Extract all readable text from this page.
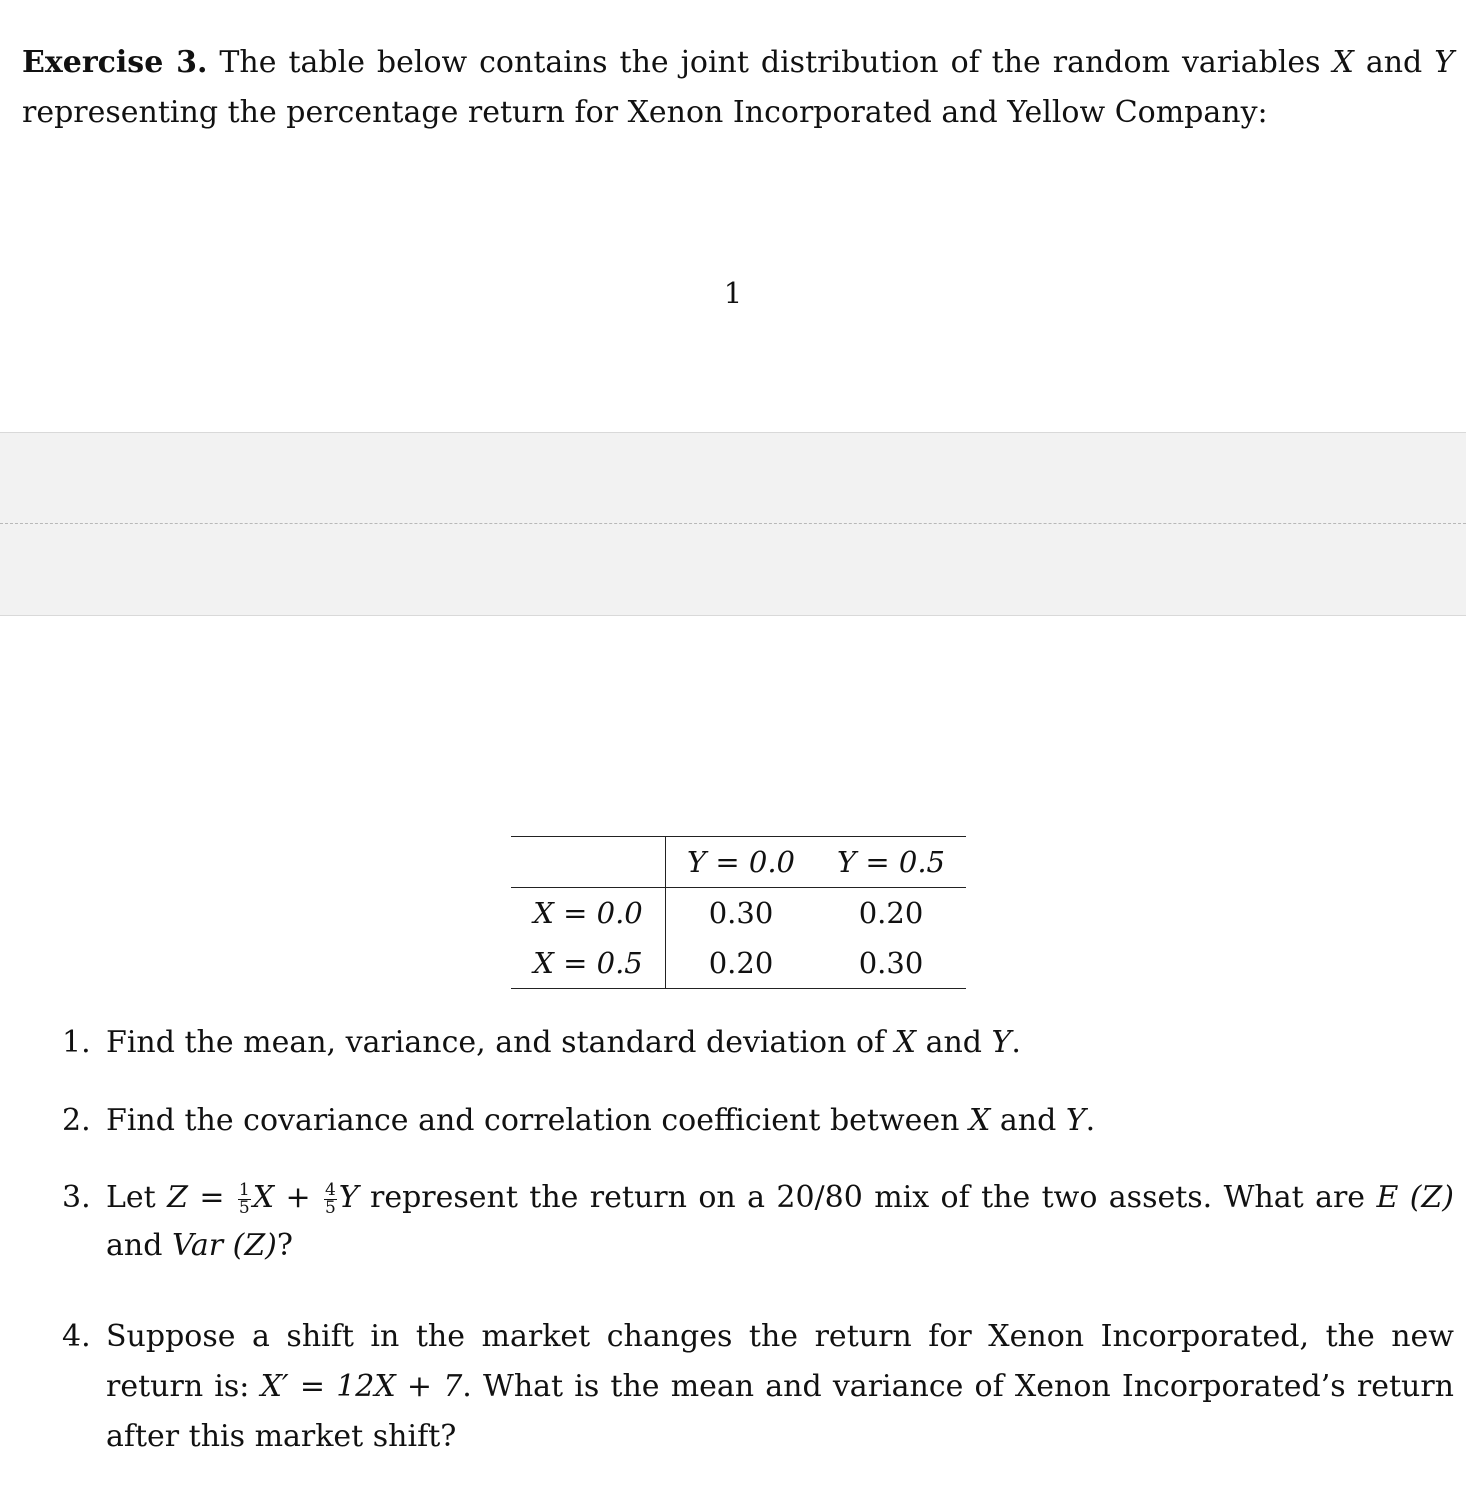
Exercise 3. The table below contains the joint distribution of the random variables X and Y representing the percentage return for Xenon Incorporated and Yellow Company:
1
	Y = 0.0	Y = 0.5
X = 0.0	0.30	0.20
X = 0.5	0.20	0.30
1. Find the mean, variance, and standard deviation of X and Y.
2. Find the covariance and correlation coefficient between X and Y.
3. Let $Z = \frac{1}{5}$ $X + \frac{4}{5}$ Y represent the return on a 20/80 mix of the two assets. What are E (Z) and Var (Z)?
4. Suppose a shift in the market changes the return for Xenon Incorporated, the new return is: X′ = 12X + 7. What is the mean and variance of Xenon Incorporated’s return after this market shift?
